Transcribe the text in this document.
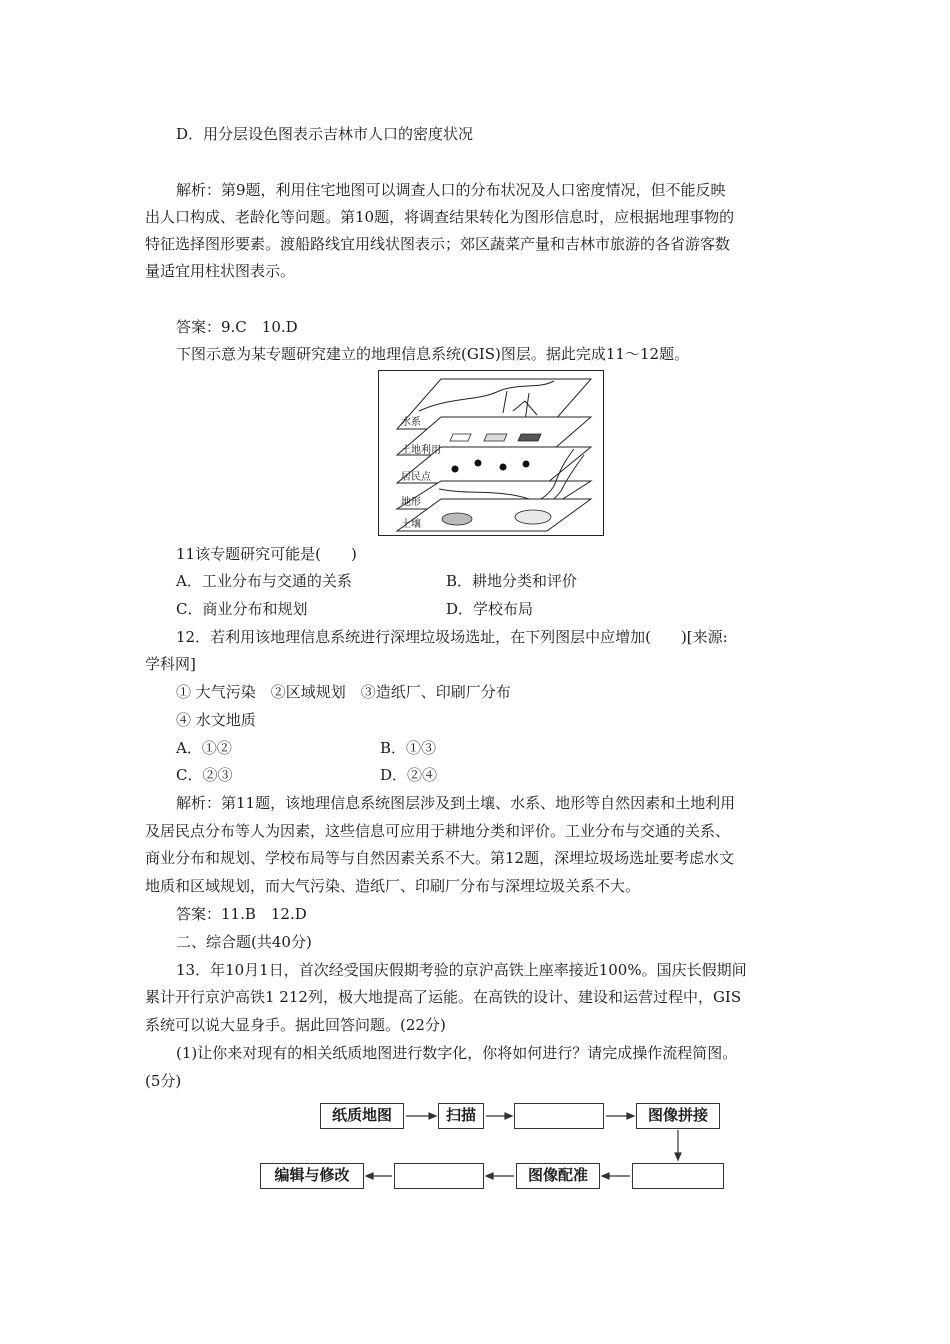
D．用分层设色图表示吉林市人口的密度状况
解析：第9题，利用住宅地图可以调查人口的分布状况及人口密度情况，但不能反映
出人口构成、老龄化等问题。第10题，将调查结果转化为图形信息时，应根据地理事物的
特征选择图形要素。渡船路线宜用线状图表示；郊区蔬菜产量和吉林市旅游的各省游客数
量适宜用柱状图表示。
答案：9.C　10.D
下图示意为某专题研究建立的地理信息系统(GIS)图层。据此完成11～12题。
水系
土地利用
居民点
地形
土壤
11该专题研究可能是(　　)
A．工业分布与交通的关系	B．耕地分类和评价
C．商业分布和规划	D．学校布局
12．若利用该地理信息系统进行深埋垃圾场选址，在下列图层中应增加(　　)[来源:
学科网]
① 大气污染　②区域规划　③造纸厂、印刷厂分布
④ 水文地质
A．①②	B．①③
C．②③	D．②④
解析：第11题，该地理信息系统图层涉及到土壤、水系、地形等自然因素和土地利用
及居民点分布等人为因素，这些信息可应用于耕地分类和评价。工业分布与交通的关系、
商业分布和规划、学校布局等与自然因素关系不大。第12题，深埋垃圾场选址要考虑水文
地质和区域规划，而大气污染、造纸厂、印刷厂分布与深埋垃圾关系不大。
答案：11.B　12.D
二、综合题(共40分)
13．年10月1日，首次经受国庆假期考验的京沪高铁上座率接近100%。国庆长假期间
累计开行京沪高铁1 212列，极大地提高了运能。在高铁的设计、建设和运营过程中，GIS
系统可以说大显身手。据此回答问题。(22分)
(1)让你来对现有的相关纸质地图进行数字化，你将如何进行？请完成操作流程简图。
(5分)
纸质地图	扫描	图像拼接
编辑与修改	图像配准
